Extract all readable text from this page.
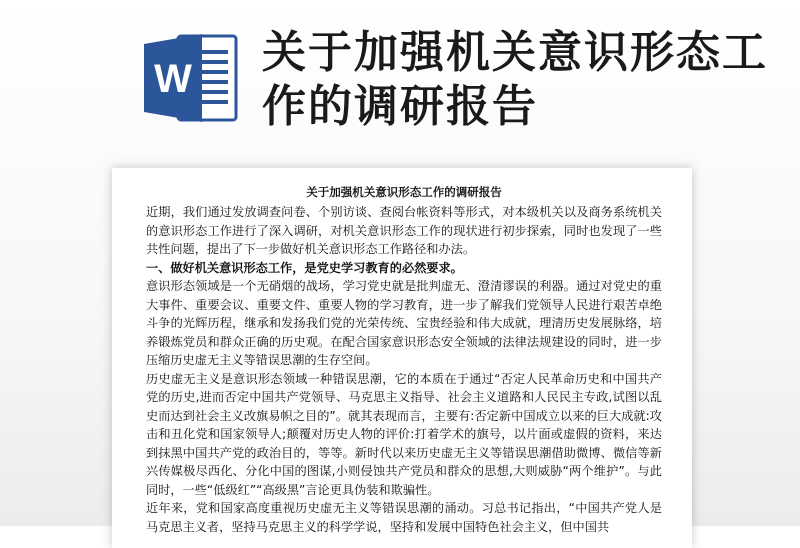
W
关于加强机关意识形态工作的调研报告
关于加强机关意识形态工作的调研报告

近期，我们通过发放调查问卷、个别访谈、查阅台帐资料等形式，对本级机关以及商务系统机关的意识形态工作进行了深入调研，对机关意识形态工作的现状进行初步探索，同时也发现了一些共性问题，提出了下一步做好机关意识形态工作路径和办法。

一、做好机关意识形态工作，是党史学习教育的必然要求。

意识形态领域是一个无硝烟的战场，学习党史就是批判虚无、澄清谬误的利器。通过对党史的重大事件、重要会议、重要文件、重要人物的学习教育，进一步了解我们党领导人民进行艰苦卓绝斗争的光辉历程，继承和发扬我们党的光荣传统、宝贵经验和伟大成就，理清历史发展脉络，培养锻炼党员和群众正确的历史观。在配合国家意识形态安全领域的法律法规建设的同时，进一步压缩历史虚无主义等错误思潮的生存空间。

历史虚无主义是意识形态领域一种错误思潮，它的本质在于通过“否定人民革命历史和中国共产党的历史,进而否定中国共产党领导、马克思主义指导、社会主义道路和人民民主专政,试图以乱史而达到社会主义改旗易帜之目的”。就其表现而言，主要有:否定新中国成立以来的巨大成就:攻击和丑化党和国家领导人;颠覆对历史人物的评价:打着学术的旗号，以片面或虚假的资料，来达到抹黑中国共产党的政治目的，等等。新时代以来历史虚无主义等错误思潮借助微博、微信等新兴传媒极尽西化、分化中国的图谋,小则侵蚀共产党员和群众的思想,大则威胁“两个维护”。与此同时，一些“低级红”“高级黑”言论更具伪装和欺骗性。

近年来，党和国家高度重视历史虚无主义等错误思潮的涌动。习总书记指出，“中国共产党人是马克思主义者，坚持马克思主义的科学学说，坚持和发展中国特色社会主义，但中国共
